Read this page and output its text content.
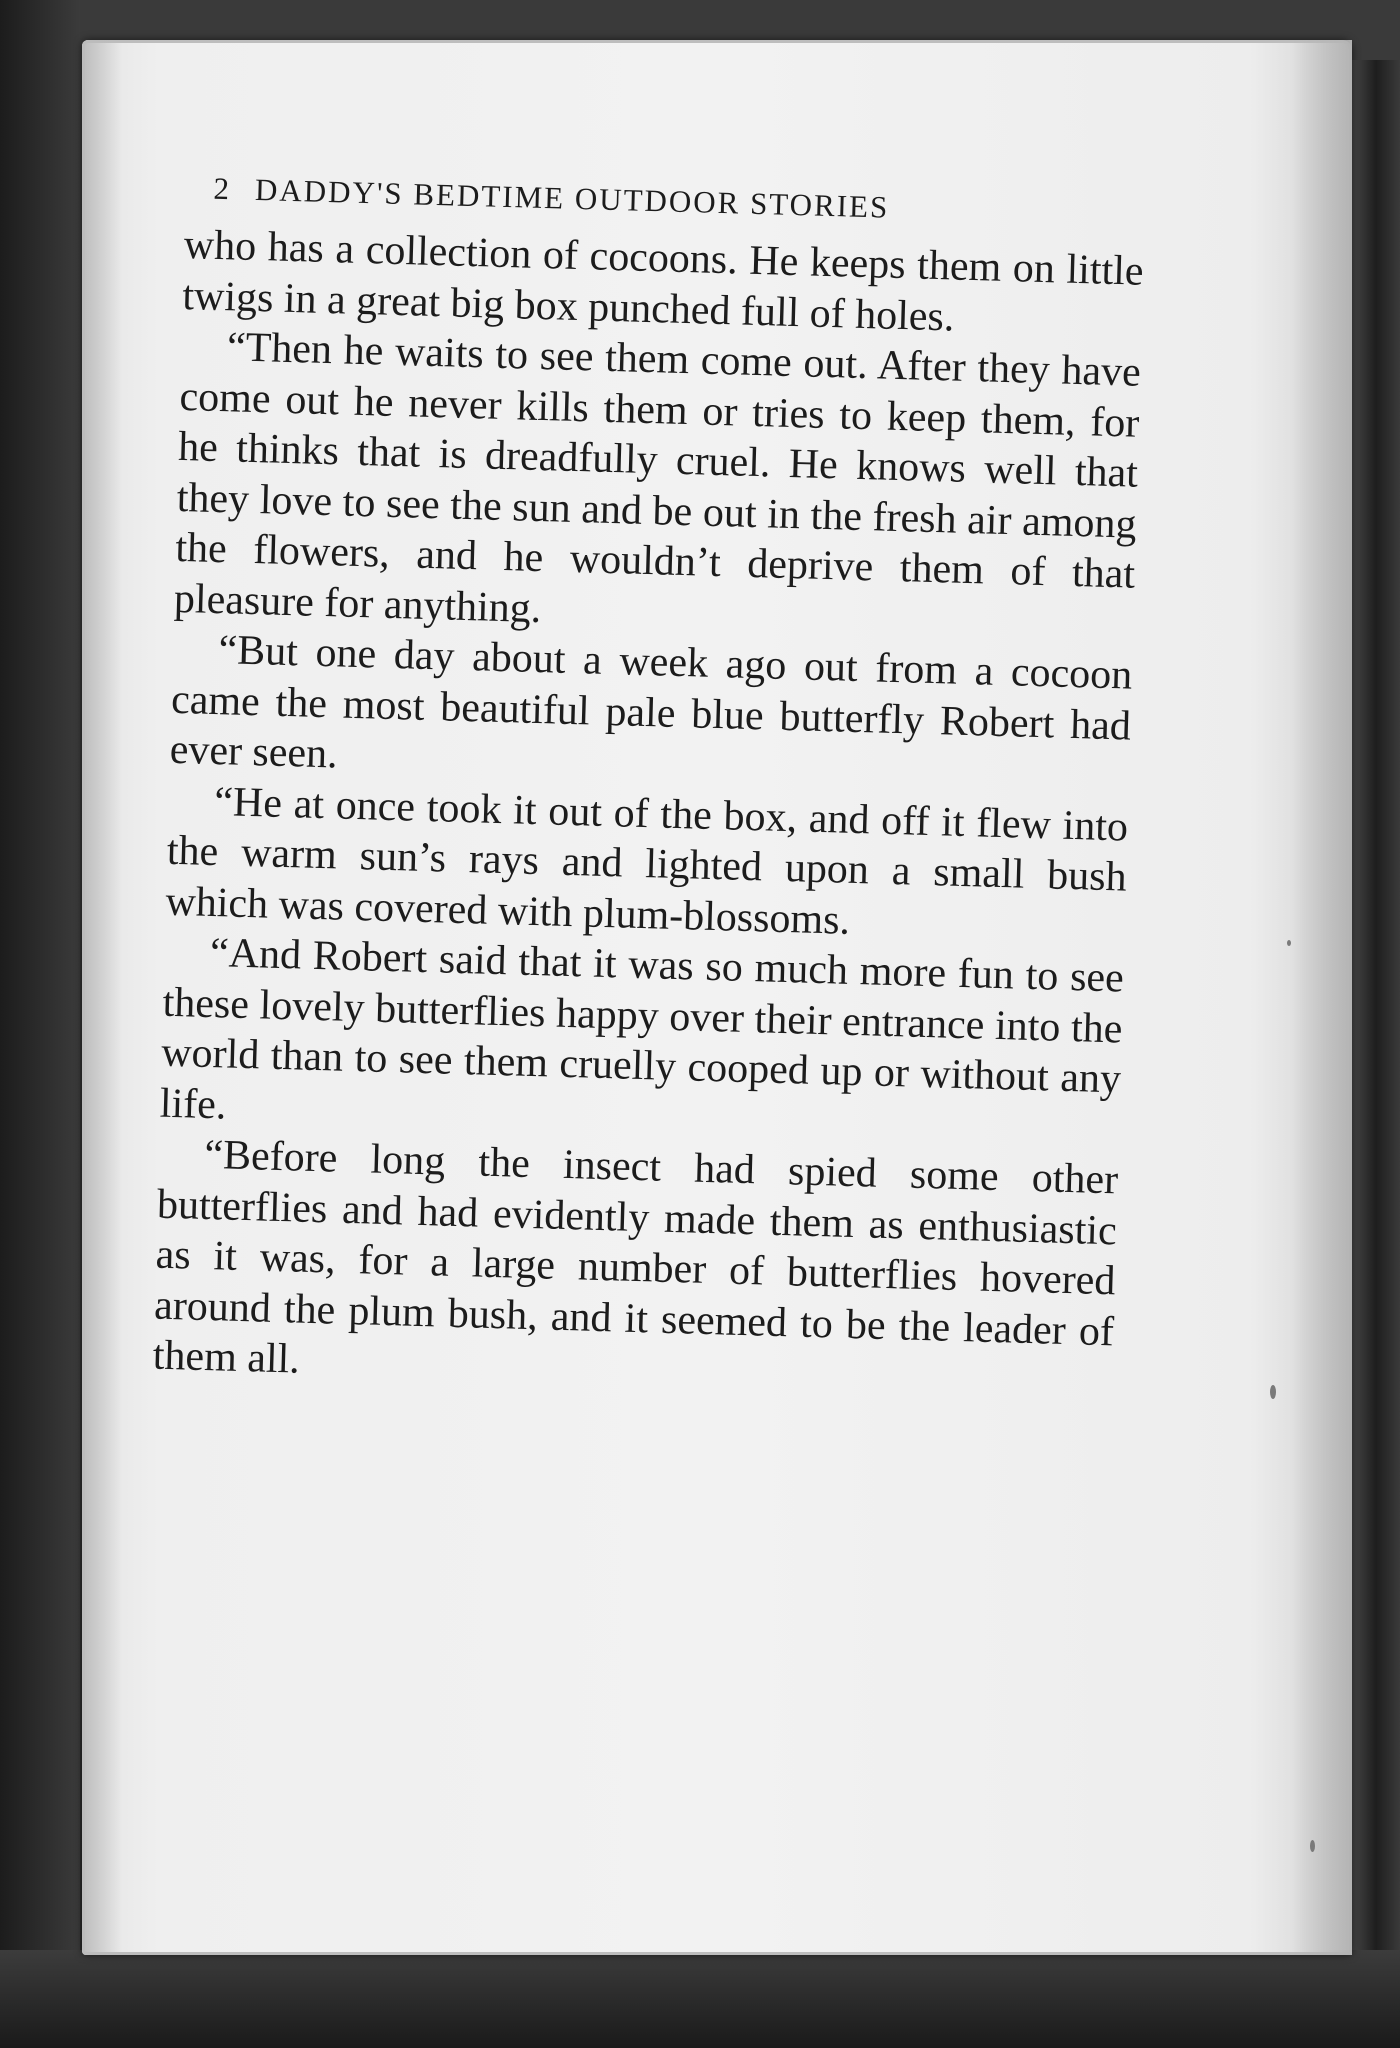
2 DADDY'S BEDTIME OUTDOOR STORIES

who has a collection of cocoons. He keeps them on little twigs in a great big box punched full of holes.

“Then he waits to see them come out. After they have come out he never kills them or tries to keep them, for he thinks that is dreadfully cruel. He knows well that they love to see the sun and be out in the fresh air among the flowers, and he wouldn’t deprive them of that pleasure for anything.

“But one day about a week ago out from a cocoon came the most beautiful pale blue butterfly Robert had ever seen.

“He at once took it out of the box, and off it flew into the warm sun’s rays and lighted upon a small bush which was covered with plum-blossoms.

“And Robert said that it was so much more fun to see these lovely butterflies happy over their entrance into the world than to see them cruelly cooped up or without any life.

“Before long the insect had spied some other butterflies and had evidently made them as enthusiastic as it was, for a large number of butterflies hovered around the plum bush, and it seemed to be the leader of them all.
